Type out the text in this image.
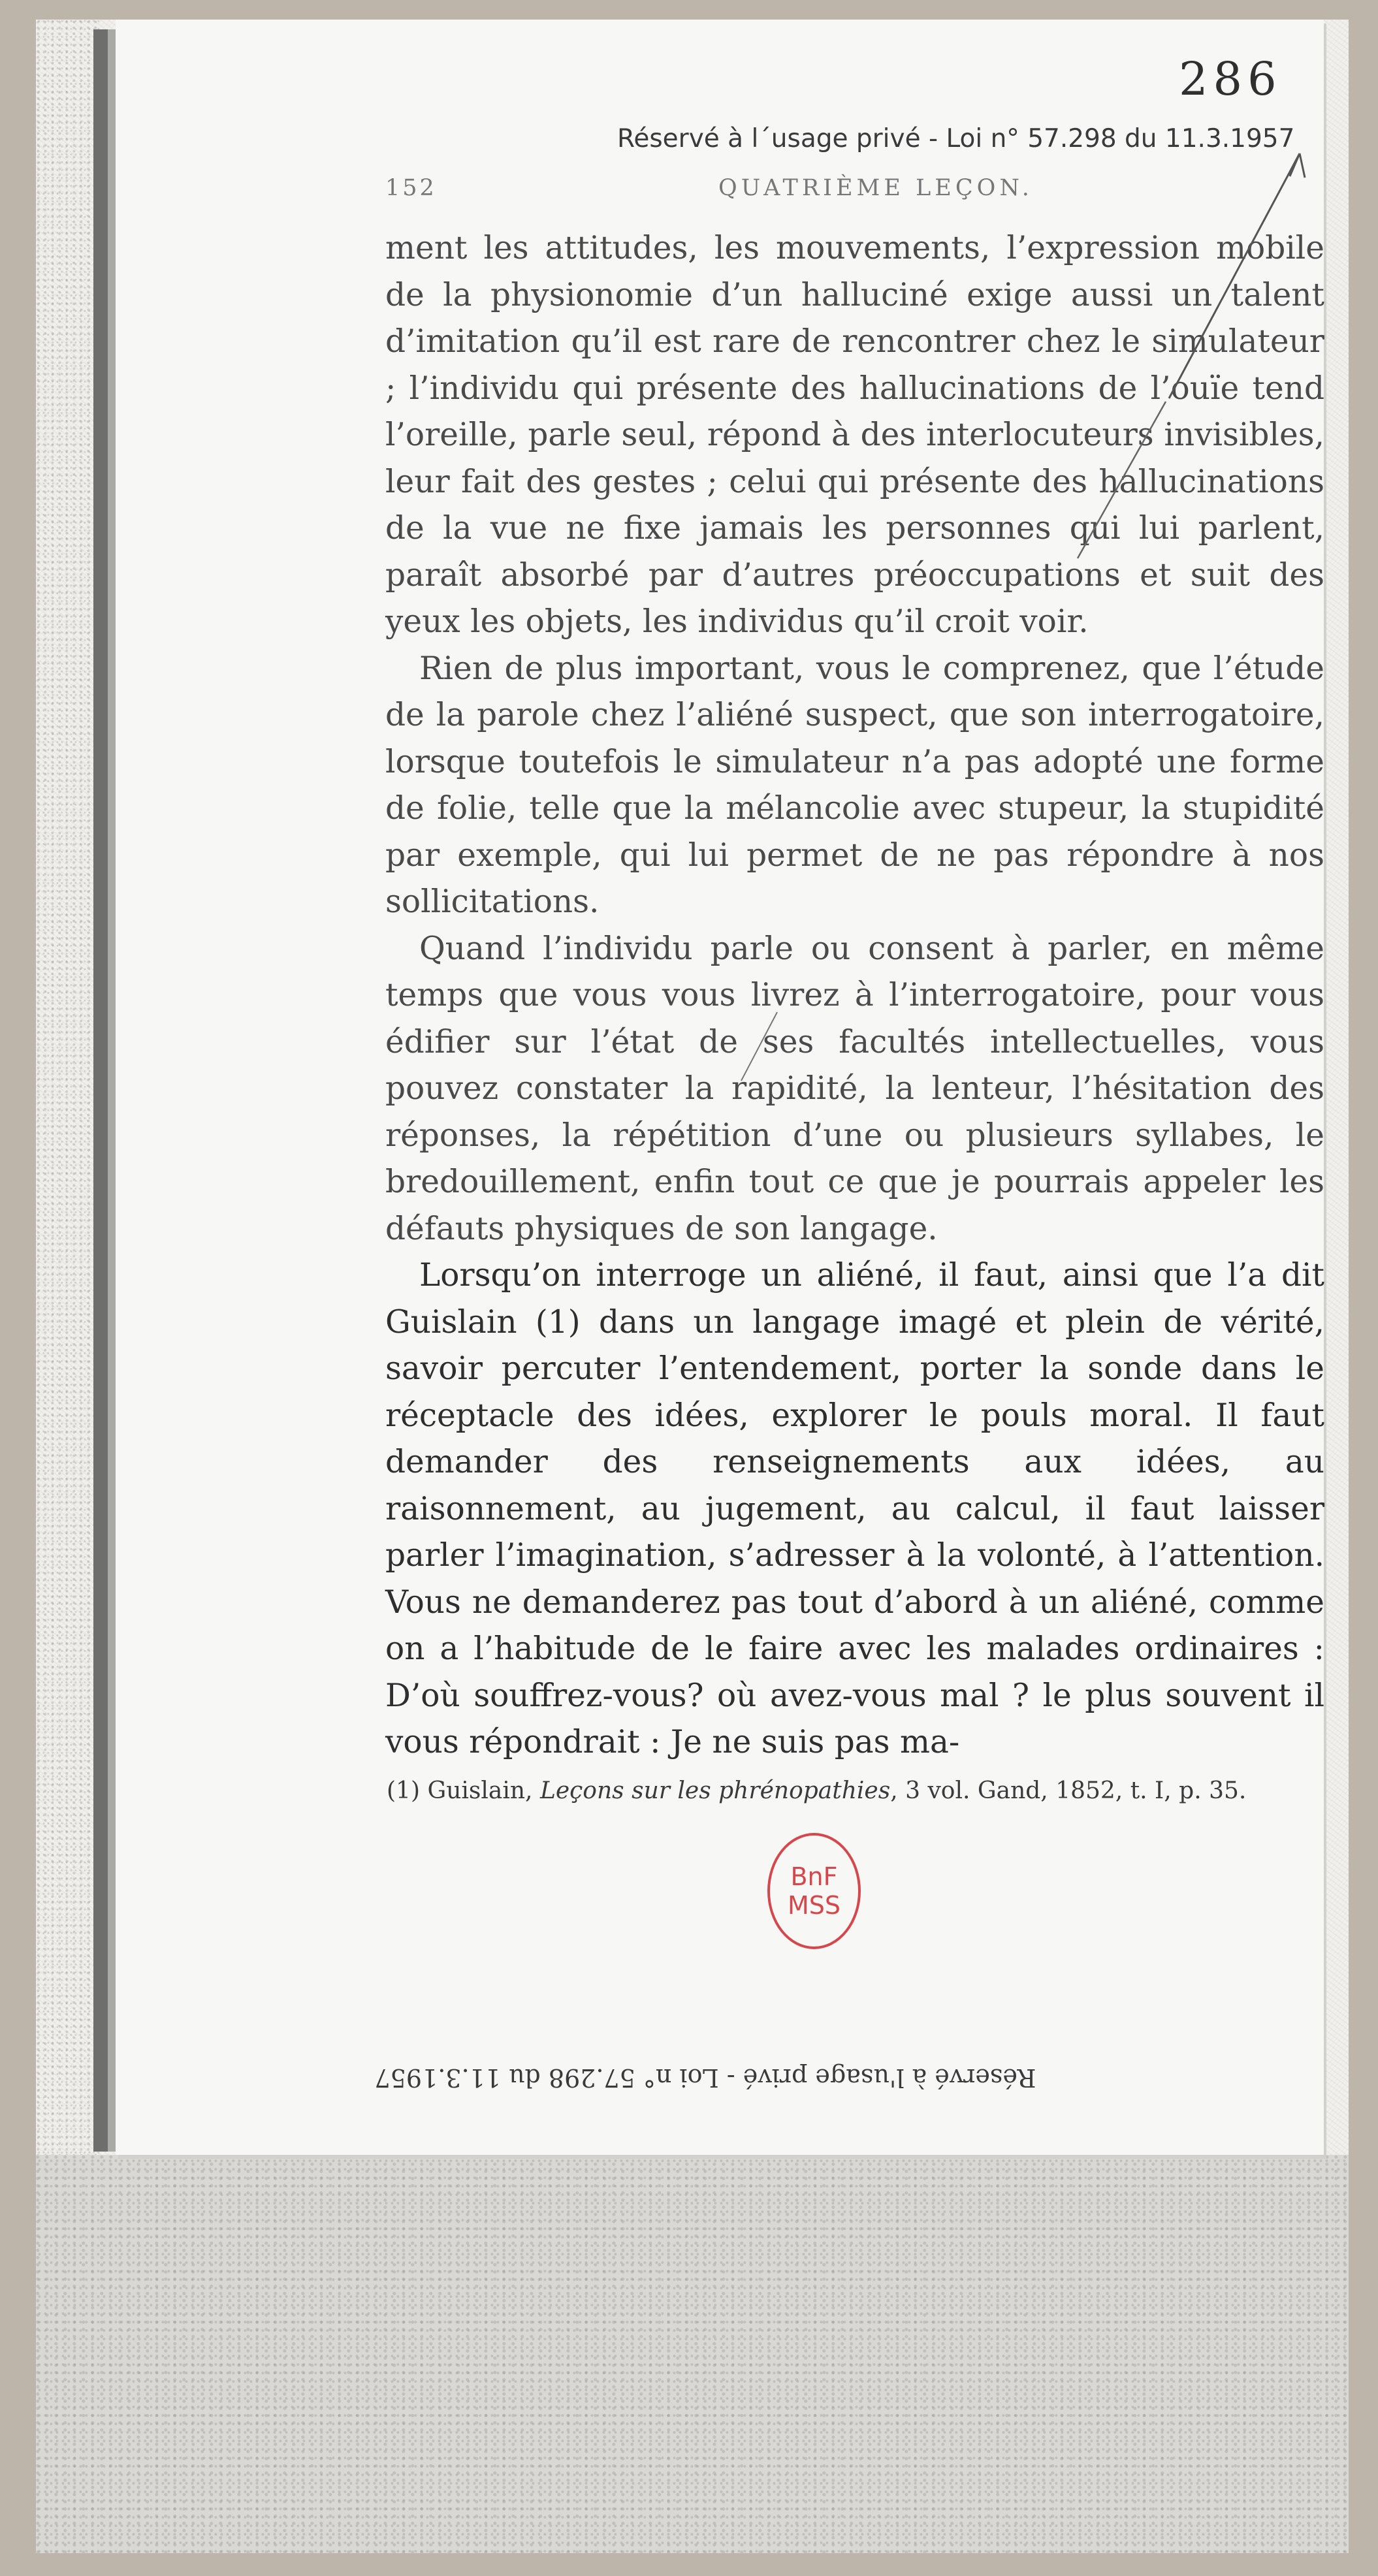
286
Réservé à l´usage privé - Loi n° 57.298 du 11.3.1957
152	QUATRIÈME LEÇON.

ment les attitudes, les mouvements, l’expression mobile de la physionomie d’un halluciné exige aussi un talent d’imitation qu’il est rare de rencontrer chez le simulateur ; l’individu qui présente des hallucinations de l’ouïe tend l’oreille, parle seul, répond à des interlocuteurs invisibles, leur fait des gestes ; celui qui présente des hallucinations de la vue ne fixe jamais les personnes qui lui parlent, paraît absorbé par d’autres préoccupations et suit des yeux les objets, les individus qu’il croit voir.

Rien de plus important, vous le comprenez, que l’étude de la parole chez l’aliéné suspect, que son interrogatoire, lorsque toutefois le simulateur n’a pas adopté une forme de folie, telle que la mélancolie avec stupeur, la stupidité par exemple, qui lui permet de ne pas répondre à nos sollicitations.

Quand l’individu parle ou consent à parler, en même temps que vous vous livrez à l’interrogatoire, pour vous édifier sur l’état de ses facultés intellectuelles, vous pouvez constater la rapidité, la lenteur, l’hésitation des réponses, la répétition d’une ou plusieurs syllabes, le bredouillement, enfin tout ce que je pourrais appeler les défauts physiques de son langage.

Lorsqu’on interroge un aliéné, il faut, ainsi que l’a dit Guislain (1) dans un langage imagé et plein de vérité, savoir percuter l’entendement, porter la sonde dans le réceptacle des idées, explorer le pouls moral. Il faut demander des renseignements aux idées, au raisonnement, au jugement, au calcul, il faut laisser parler l’imagination, s’adresser à la volonté, à l’attention. Vous ne demanderez pas tout d’abord à un aliéné, comme on a l’habitude de le faire avec les malades ordinaires : D’où souffrez-vous? où avez-vous mal ? le plus souvent il vous répondrait : Je ne suis pas ma-

(1) Guislain, Leçons sur les phrénopathies, 3 vol. Gand, 1852, t. I, p. 35.
BnF
MSS
Réservé à l'usage privé - Loi n° 57.298 du 11.3.1957
